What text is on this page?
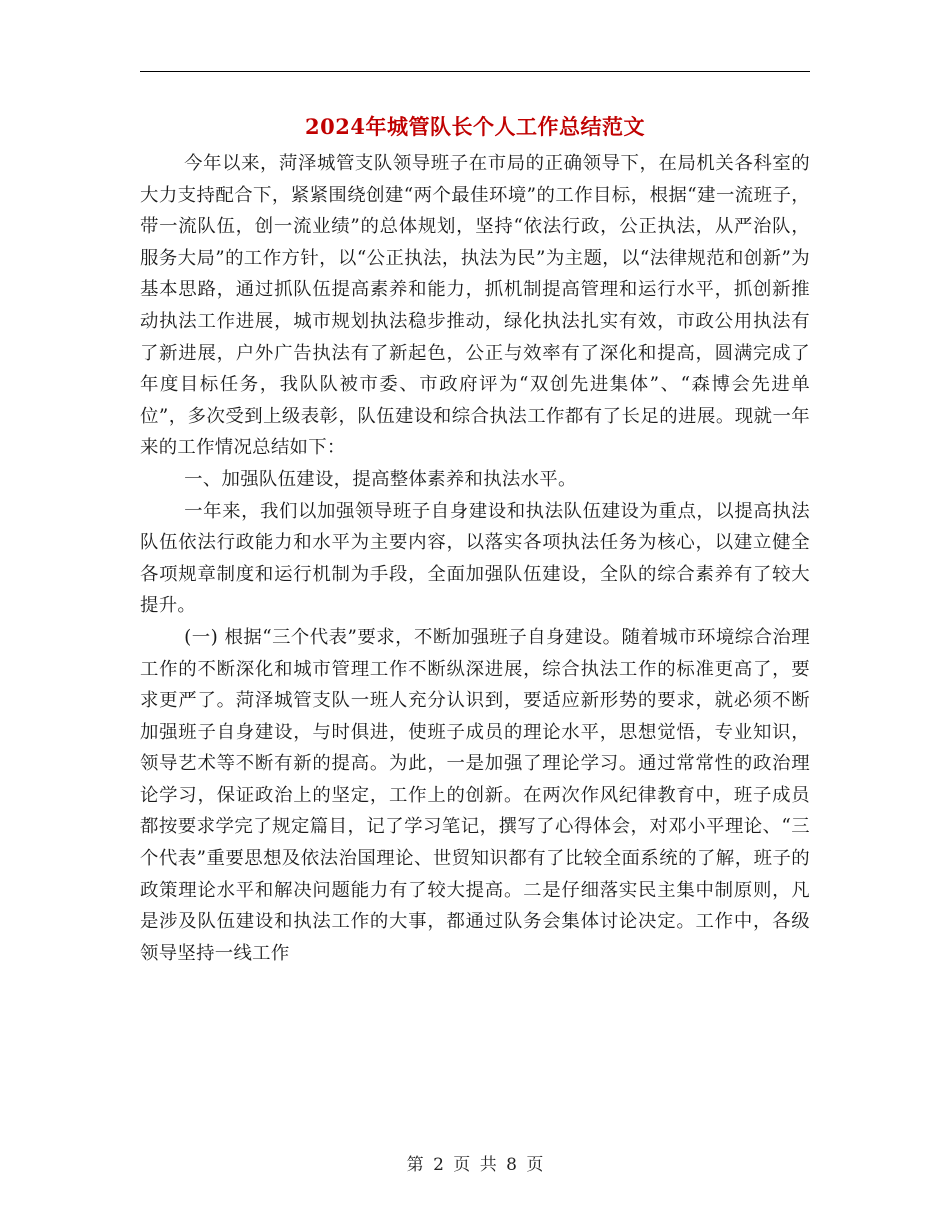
2024年城管队长个人工作总结范文

今年以来，菏泽城管支队领导班子在市局的正确领导下，在局机关各科室的大力支持配合下，紧紧围绕创建“两个最佳环境”的工作目标，根据“建一流班子，带一流队伍，创一流业绩”的总体规划，坚持“依法行政，公正执法，从严治队，服务大局”的工作方针，以“公正执法，执法为民”为主题，以“法律规范和创新”为基本思路，通过抓队伍提高素养和能力，抓机制提高管理和运行水平，抓创新推动执法工作进展，城市规划执法稳步推动，绿化执法扎实有效，市政公用执法有了新进展，户外广告执法有了新起色，公正与效率有了深化和提高，圆满完成了年度目标任务，我队队被市委、市政府评为“双创先进集体”、“森博会先进单位”，多次受到上级表彰，队伍建设和综合执法工作都有了长足的进展。现就一年来的工作情况总结如下：

一、加强队伍建设，提高整体素养和执法水平。

一年来，我们以加强领导班子自身建设和执法队伍建设为重点，以提高执法队伍依法行政能力和水平为主要内容，以落实各项执法任务为核心，以建立健全各项规章制度和运行机制为手段，全面加强队伍建设，全队的综合素养有了较大提升。

(一) 根据“三个代表”要求，不断加强班子自身建设。随着城市环境综合治理工作的不断深化和城市管理工作不断纵深进展，综合执法工作的标准更高了，要求更严了。菏泽城管支队一班人充分认识到，要适应新形势的要求，就必须不断加强班子自身建设，与时俱进，使班子成员的理论水平，思想觉悟，专业知识，领导艺术等不断有新的提高。为此，一是加强了理论学习。通过常常性的政治理论学习，保证政治上的坚定，工作上的创新。在两次作风纪律教育中，班子成员都按要求学完了规定篇目，记了学习笔记，撰写了心得体会，对邓小平理论、“三个代表”重要思想及依法治国理论、世贸知识都有了比较全面系统的了解，班子的政策理论水平和解决问题能力有了较大提高。二是仔细落实民主集中制原则，凡是涉及队伍建设和执法工作的大事，都通过队务会集体讨论决定。工作中，各级领导坚持一线工作

第 2 页 共 8 页
